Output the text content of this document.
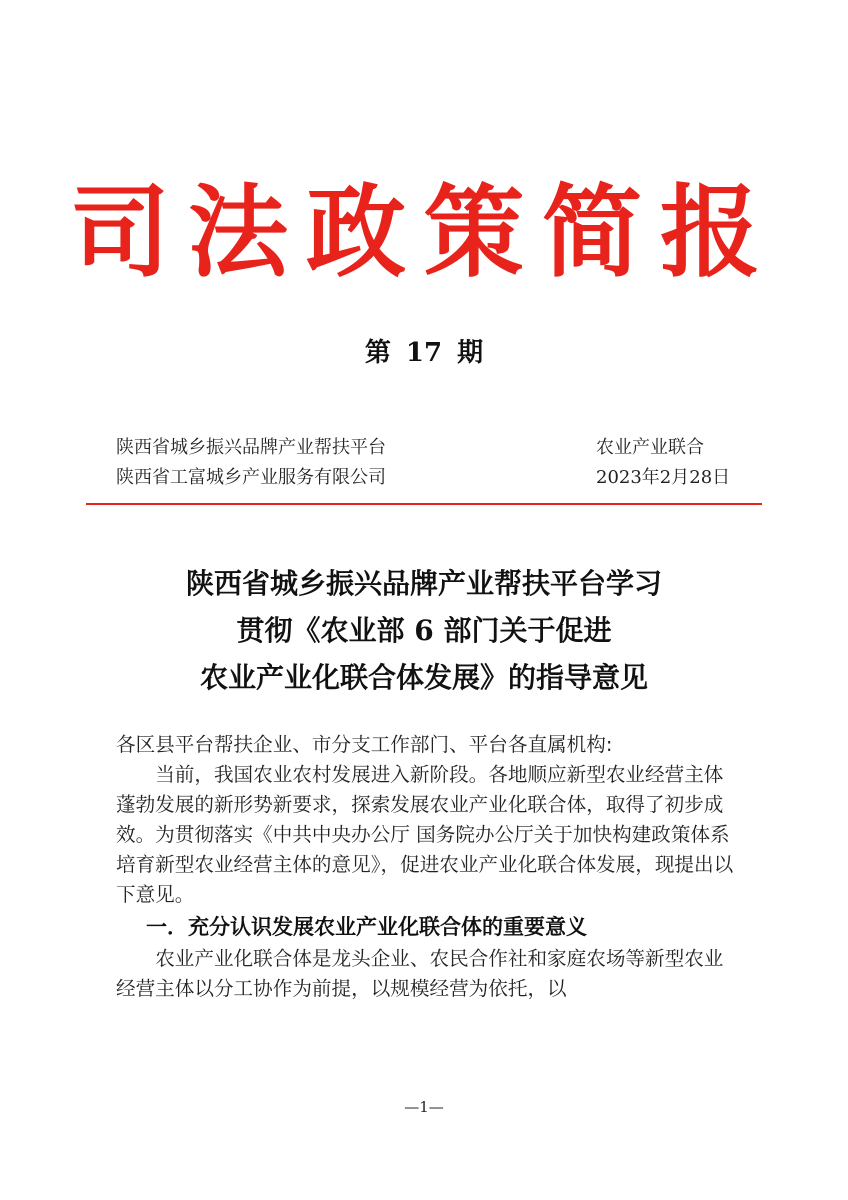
司法政策简报
第 17 期
陕西省城乡振兴品牌产业帮扶平台
陕西省工富城乡产业服务有限公司
农业产业联合
2023年2月28日
陕西省城乡振兴品牌产业帮扶平台学习
贯彻《农业部 6 部门关于促进
农业产业化联合体发展》的指导意见

各区县平台帮扶企业、市分支工作部门、平台各直属机构:

当前，我国农业农村发展进入新阶段。各地顺应新型农业经营主体蓬勃发展的新形势新要求，探索发展农业产业化联合体，取得了初步成效。为贯彻落实《中共中央办公厅 国务院办公厅关于加快构建政策体系培育新型农业经营主体的意见》，促进农业产业化联合体发展，现提出以下意见。

一．充分认识发展农业产业化联合体的重要意义

农业产业化联合体是龙头企业、农民合作社和家庭农场等新型农业经营主体以分工协作为前提，以规模经营为依托，以

—1—
